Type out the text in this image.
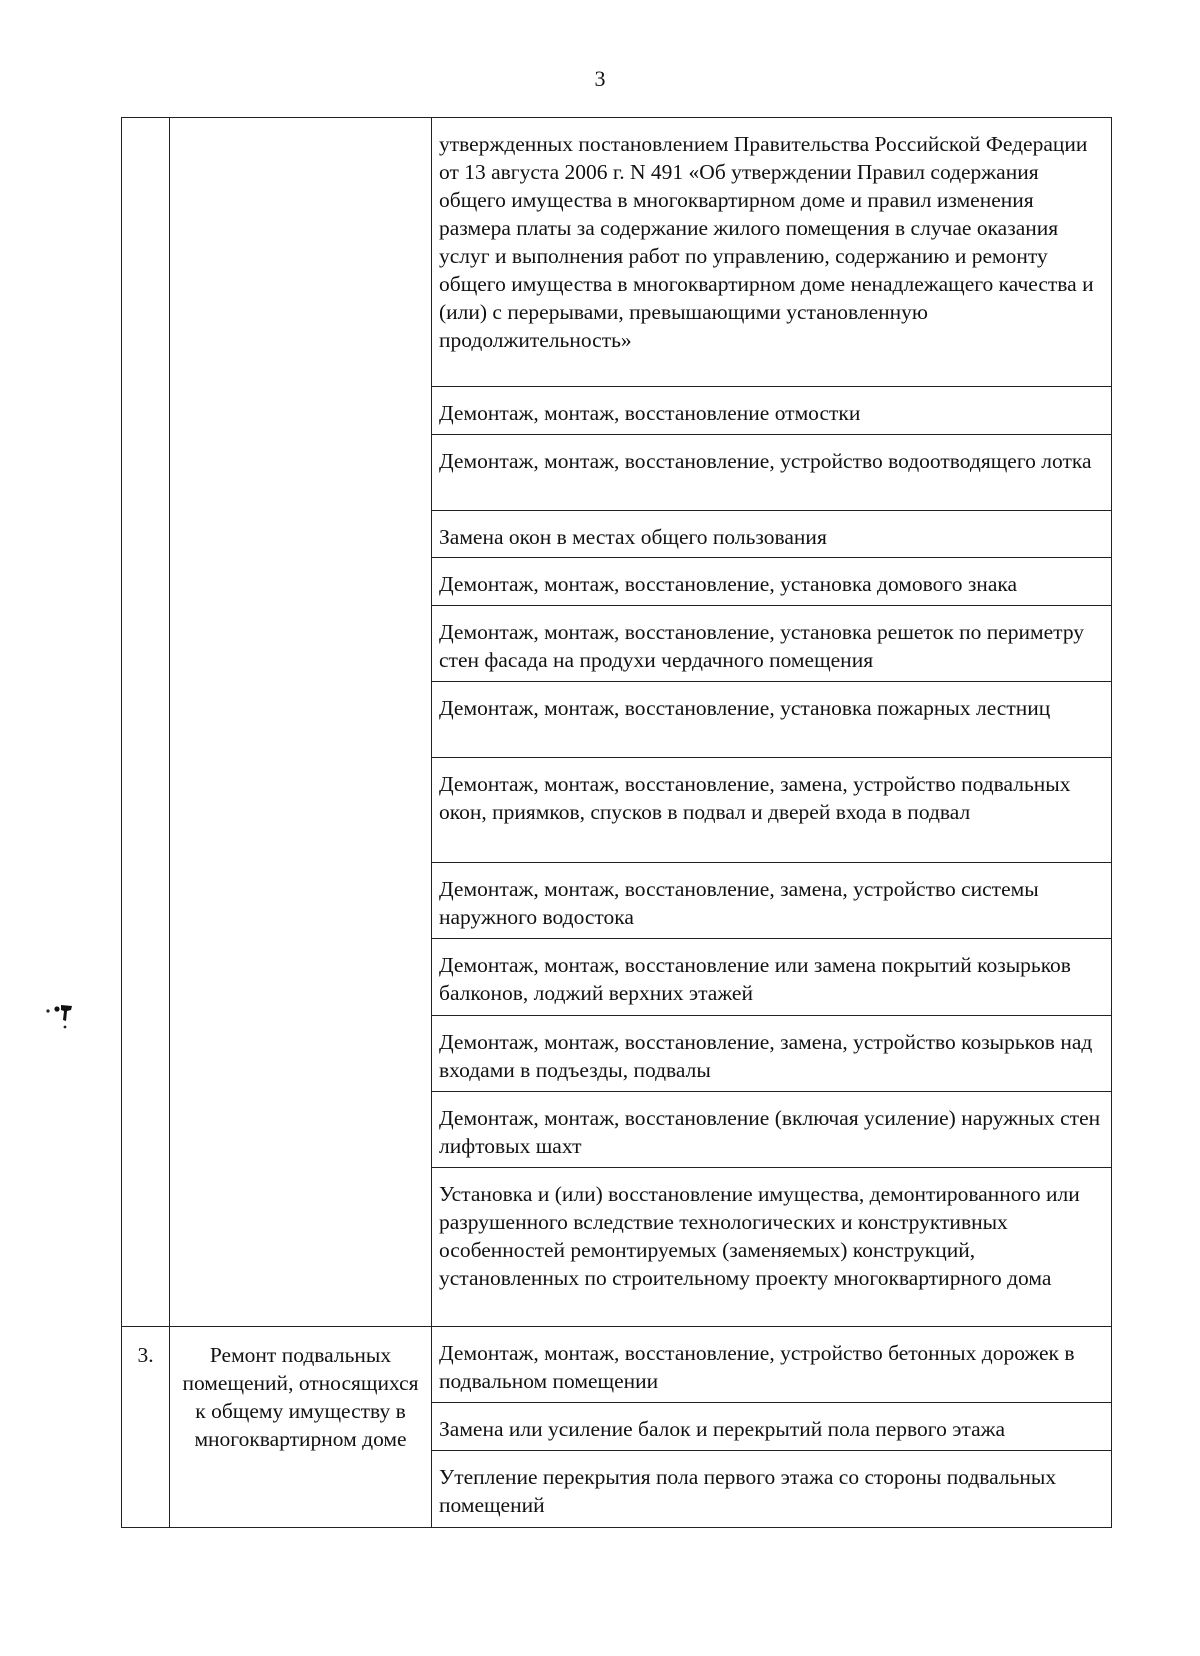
3
		утвержденных постановлением Правительства Российской Федерации от 13 августа 2006 г. N 491 «Об утверждении Правил содержания общего имущества в многоквартирном доме и правил изменения размера платы за содержание жилого помещения в случае оказания услуг и выполнения работ по управлению, содержанию и ремонту общего имущества в многоквартирном доме ненадлежащего качества и (или) с перерывами, превышающими установленную продолжительность»
		Демонтаж, монтаж, восстановление отмостки
		Демонтаж, монтаж, восстановление, устройство водоотводящего лотка
		Замена окон в местах общего пользования
		Демонтаж, монтаж, восстановление, установка домового знака
		Демонтаж, монтаж, восстановление, установка решеток по периметру стен фасада на продухи чердачного помещения
		Демонтаж, монтаж, восстановление, установка пожарных лестниц
		Демонтаж, монтаж, восстановление, замена, устройство подвальных окон, приямков, спусков в подвал и дверей входа в подвал
		Демонтаж, монтаж, восстановление, замена, устройство системы наружного водостока
		Демонтаж, монтаж, восстановление или замена покрытий козырьков балконов, лоджий верхних этажей
		Демонтаж, монтаж, восстановление, замена, устройство козырьков над входами в подъезды, подвалы
		Демонтаж, монтаж, восстановление (включая усиление) наружных стен лифтовых шахт
		Установка и (или) восстановление имущества, демонтированного или разрушенного вследствие технологических и конструктивных особенностей ремонтируемых (заменяемых) конструкций, установленных по строительному проекту многоквартирного дома
3.	Ремонт подвальных помещений, относящихся к общему имуществу в многоквартирном доме	Демонтаж, монтаж, восстановление, устройство бетонных дорожек в подвальном помещении
		Замена или усиление балок и перекрытий пола первого этажа
		Утепление перекрытия пола первого этажа со стороны подвальных помещений
